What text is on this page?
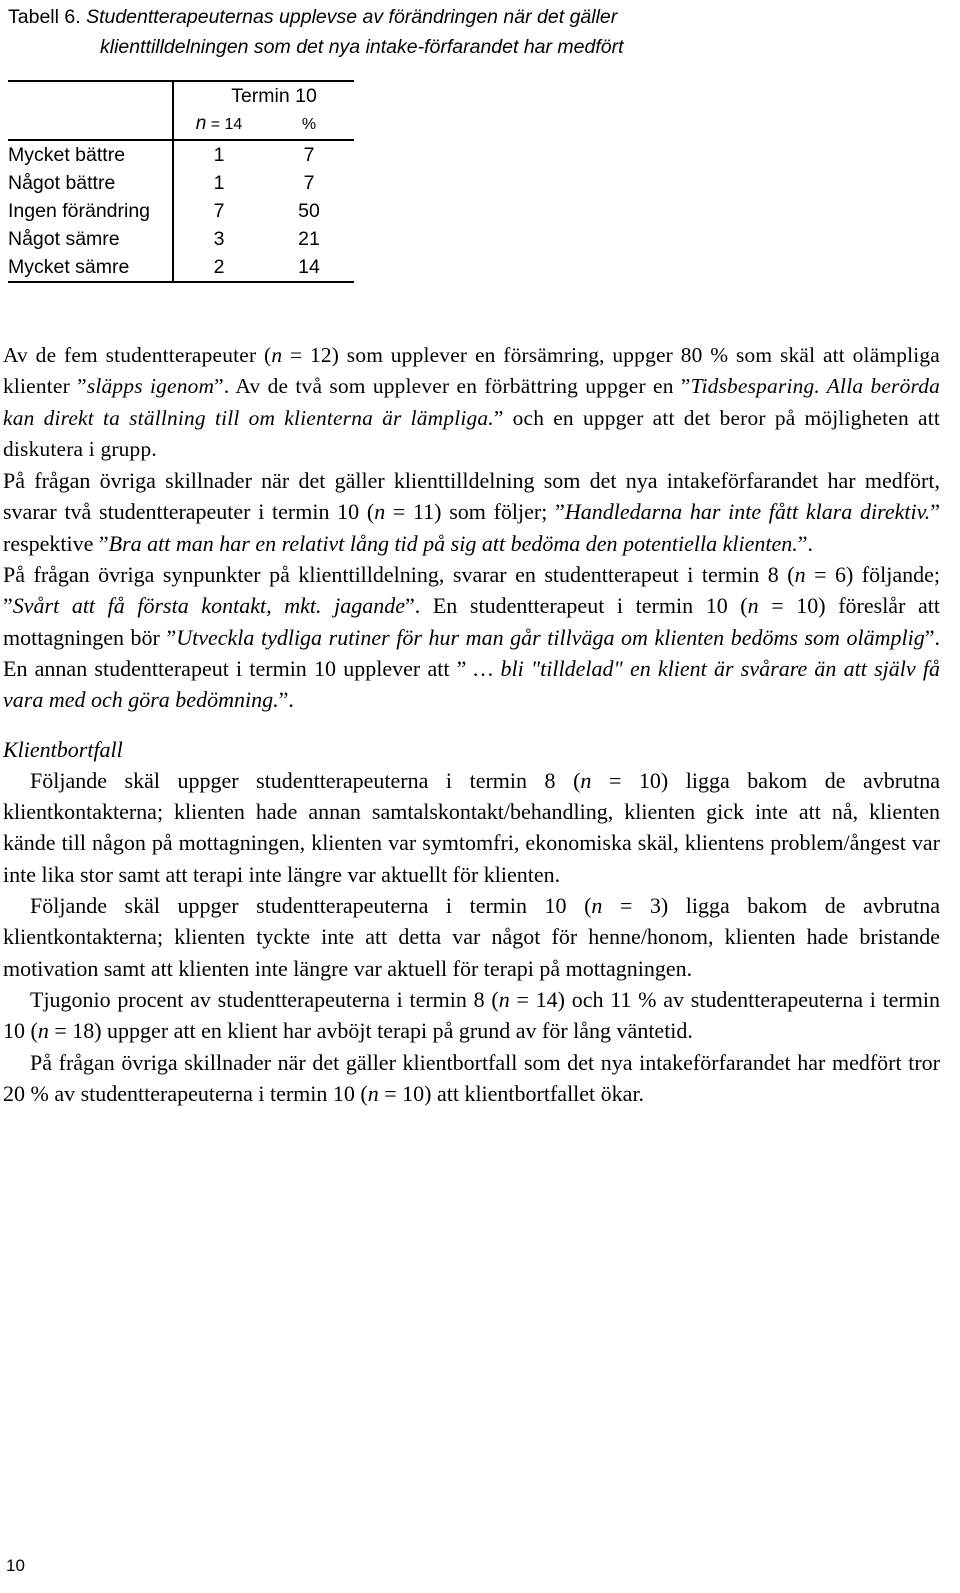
Tabell 6. Studentterapeuternas upplevse av förändringen när det gäller
klienttilldelningen som det nya intake-förfarandet har medfört
	Termin 10	
	n = 14	%
Mycket bättre	1	7
Något bättre	1	7
Ingen förändring	7	50
Något sämre	3	21
Mycket sämre	2	14

Av de fem studentterapeuter (n = 12) som upplever en försämring, uppger 80 % som skäl att olämpliga klienter ”släpps igenom”. Av de två som upplever en förbättring uppger en ”Tidsbesparing. Alla berörda kan direkt ta ställning till om klienterna är lämpliga.” och en uppger att det beror på möjligheten att diskutera i grupp.

På frågan övriga skillnader när det gäller klienttilldelning som det nya intakeförfarandet har medfört, svarar två studentterapeuter i termin 10 (n = 11) som följer; ”Handledarna har inte fått klara direktiv.” respektive ”Bra att man har en relativt lång tid på sig att bedöma den potentiella klienten.”.

På frågan övriga synpunkter på klienttilldelning, svarar en studentterapeut i termin 8 (n = 6) följande; ”Svårt att få första kontakt, mkt. jagande”. En studentterapeut i termin 10 (n = 10) föreslår att mottagningen bör ”Utveckla tydliga rutiner för hur man går tillväga om klienten bedöms som olämplig”. En annan studentterapeut i termin 10 upplever att ” … bli "tilldelad" en klient är svårare än att själv få vara med och göra bedömning.”.

Klientbortfall

Följande skäl uppger studentterapeuterna i termin 8 (n = 10) ligga bakom de avbrutna klientkontakterna; klienten hade annan samtalskontakt/behandling, klienten gick inte att nå, klienten kände till någon på mottagningen, klienten var symtomfri, ekonomiska skäl, klientens problem/ångest var inte lika stor samt att terapi inte längre var aktuellt för klienten.

Följande skäl uppger studentterapeuterna i termin 10 (n = 3) ligga bakom de avbrutna klientkontakterna; klienten tyckte inte att detta var något för henne/honom, klienten hade bristande motivation samt att klienten inte längre var aktuell för terapi på mottagningen.

Tjugonio procent av studentterapeuterna i termin 8 (n = 14) och 11 % av studentterapeuterna i termin 10 (n = 18) uppger att en klient har avböjt terapi på grund av för lång väntetid.

På frågan övriga skillnader när det gäller klientbortfall som det nya intakeförfarandet har medfört tror 20 % av studentterapeuterna i termin 10 (n = 10) att klientbortfallet ökar.

10
